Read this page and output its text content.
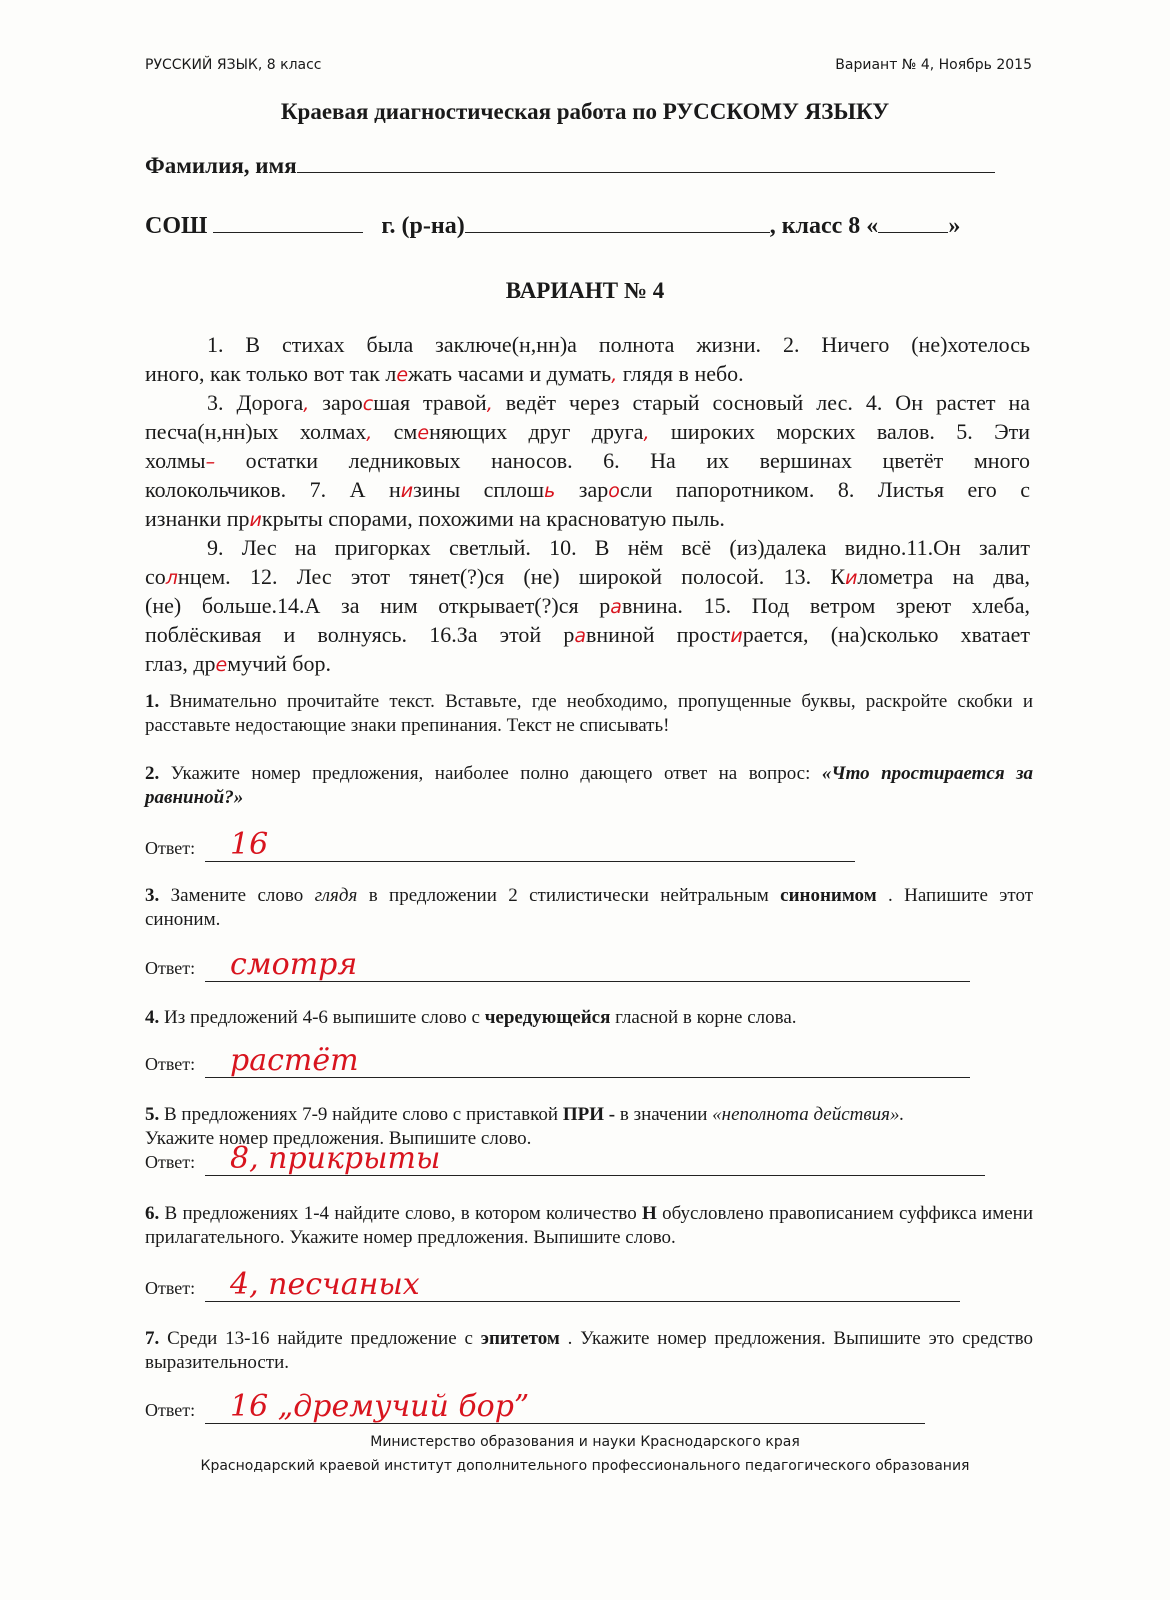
РУССКИЙ ЯЗЫК, 8 класс	Вариант № 4, Ноябрь 2015
Краевая диагностическая работа по РУССКОМУ ЯЗЫКУ
Фамилия, имя
СОШ	г. (р-на)	, класс 8 «	»
ВАРИАНТ № 4
1. В стихах была заключе(н,нн)а полнота жизни. 2. Ничего (не)хотелось
иного, как только вот так лежать часами и думать, глядя в небо.
3. Дорога, заросшая травой, ведёт через старый сосновый лес. 4. Он растет на
песча(н,нн)ых холмах, сменяющих друг друга, широких морских валов. 5. Эти
холмы– остатки ледниковых наносов. 6. На их вершинах цветёт много
колокольчиков. 7. А низины сплошь заросли папоротником. 8. Листья его с
изнанки прикрыты спорами, похожими на красноватую пыль.
9. Лес на пригорках светлый. 10. В нём всё (из)далека видно.11.Он залит
солнцем. 12. Лес этот тянет(?)ся (не) широкой полосой. 13. Километра на два,
(не) больше.14.А за ним открывает(?)ся равнина. 15. Под ветром зреют хлеба,
поблёскивая и волнуясь. 16.За этой равниной простирается, (на)сколько хватает
глаз, дремучий бор.
1. Внимательно прочитайте текст. Вставьте, где необходимо, пропущенные буквы, раскройте скобки и расставьте недостающие знаки препинания. Текст не списывать!
2. Укажите номер предложения, наиболее полно дающего ответ на вопрос: «Что простирается за равниной?»
Ответ: 16
3. Замените слово глядя в предложении 2 стилистически нейтральным синонимом . Напишите этот синоним.
Ответ: смотря
4. Из предложений 4-6 выпишите слово с чередующейся гласной в корне слова.
Ответ: растёт
5. В предложениях 7-9 найдите слово с приставкой ПРИ - в значении «неполнота действия».
Укажите номер предложения. Выпишите слово.
Ответ: 8, прикрыты
6. В предложениях 1-4 найдите слово, в котором количество Н обусловлено правописанием суффикса имени прилагательного. Укажите номер предложения. Выпишите слово.
Ответ: 4, песчаных
7. Среди 13-16 найдите предложение с эпитетом . Укажите номер предложения. Выпишите это средство выразительности.
Ответ: 16 „дремучий бор”
Министерство образования и науки Краснодарского края
Краснодарский краевой институт дополнительного профессионального педагогического образования
